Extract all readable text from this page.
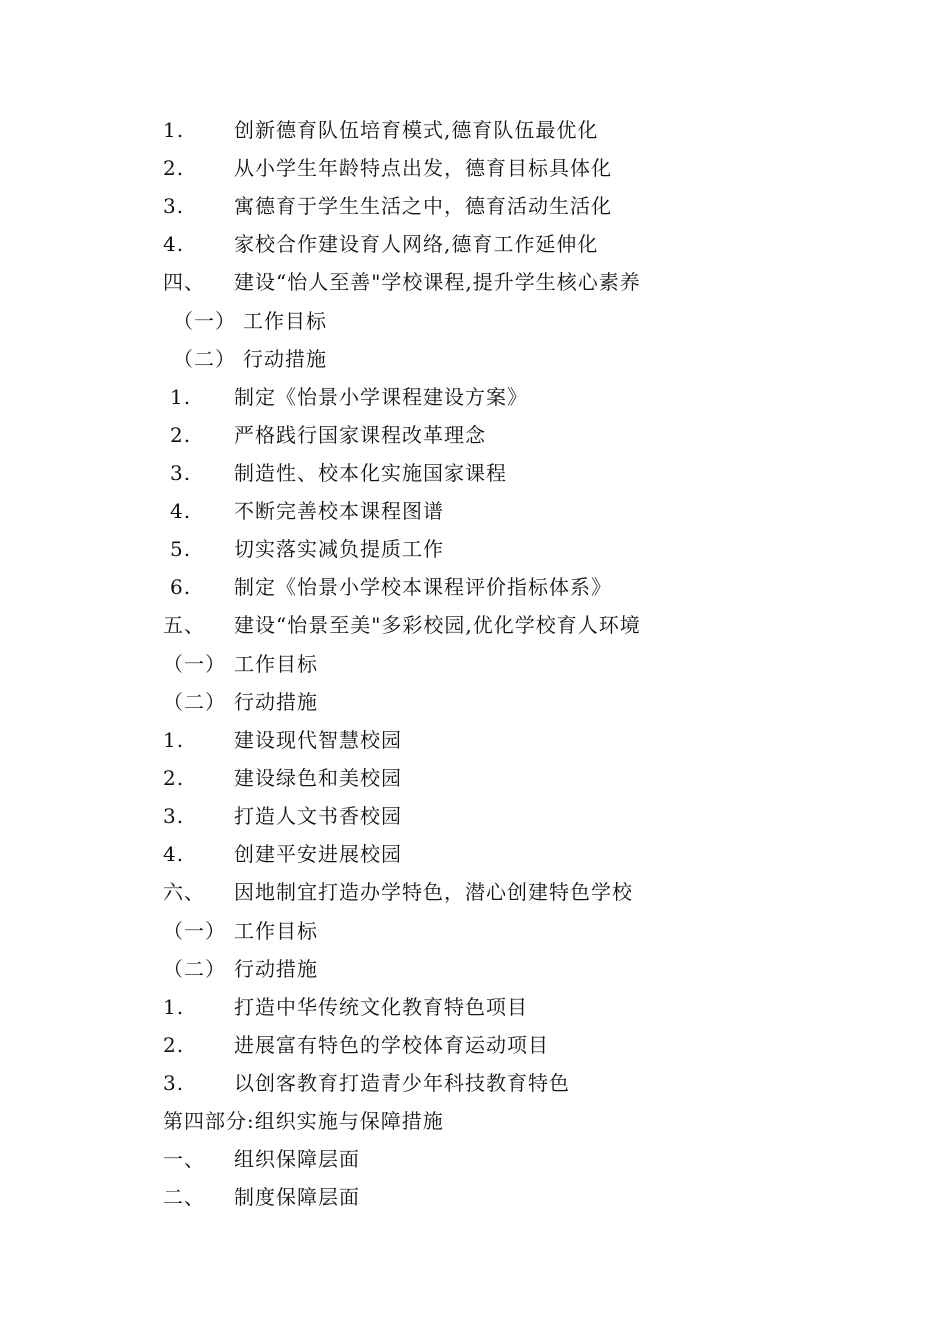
1. 创新德育队伍培育模式,德育队伍最优化
2. 从小学生年龄特点出发，德育目标具体化
3. 寓德育于学生生活之中，德育活动生活化
4. 家校合作建设育人网络,德育工作延伸化
四、 建设“怡人至善"学校课程,提升学生核心素养
（一） 工作目标
（二） 行动措施
1. 制定《怡景小学课程建设方案》
2. 严格践行国家课程改革理念
3. 制造性、校本化实施国家课程
4. 不断完善校本课程图谱
5. 切实落实减负提质工作
6. 制定《怡景小学校本课程评价指标体系》
五、 建设“怡景至美"多彩校园,优化学校育人环境
（一） 工作目标
（二） 行动措施
1. 建设现代智慧校园
2. 建设绿色和美校园
3. 打造人文书香校园
4. 创建平安进展校园
六、 因地制宜打造办学特色，潜心创建特色学校
（一） 工作目标
（二） 行动措施
1. 打造中华传统文化教育特色项目
2. 进展富有特色的学校体育运动项目
3. 以创客教育打造青少年科技教育特色
第四部分:组织实施与保障措施
一、 组织保障层面
二、 制度保障层面
